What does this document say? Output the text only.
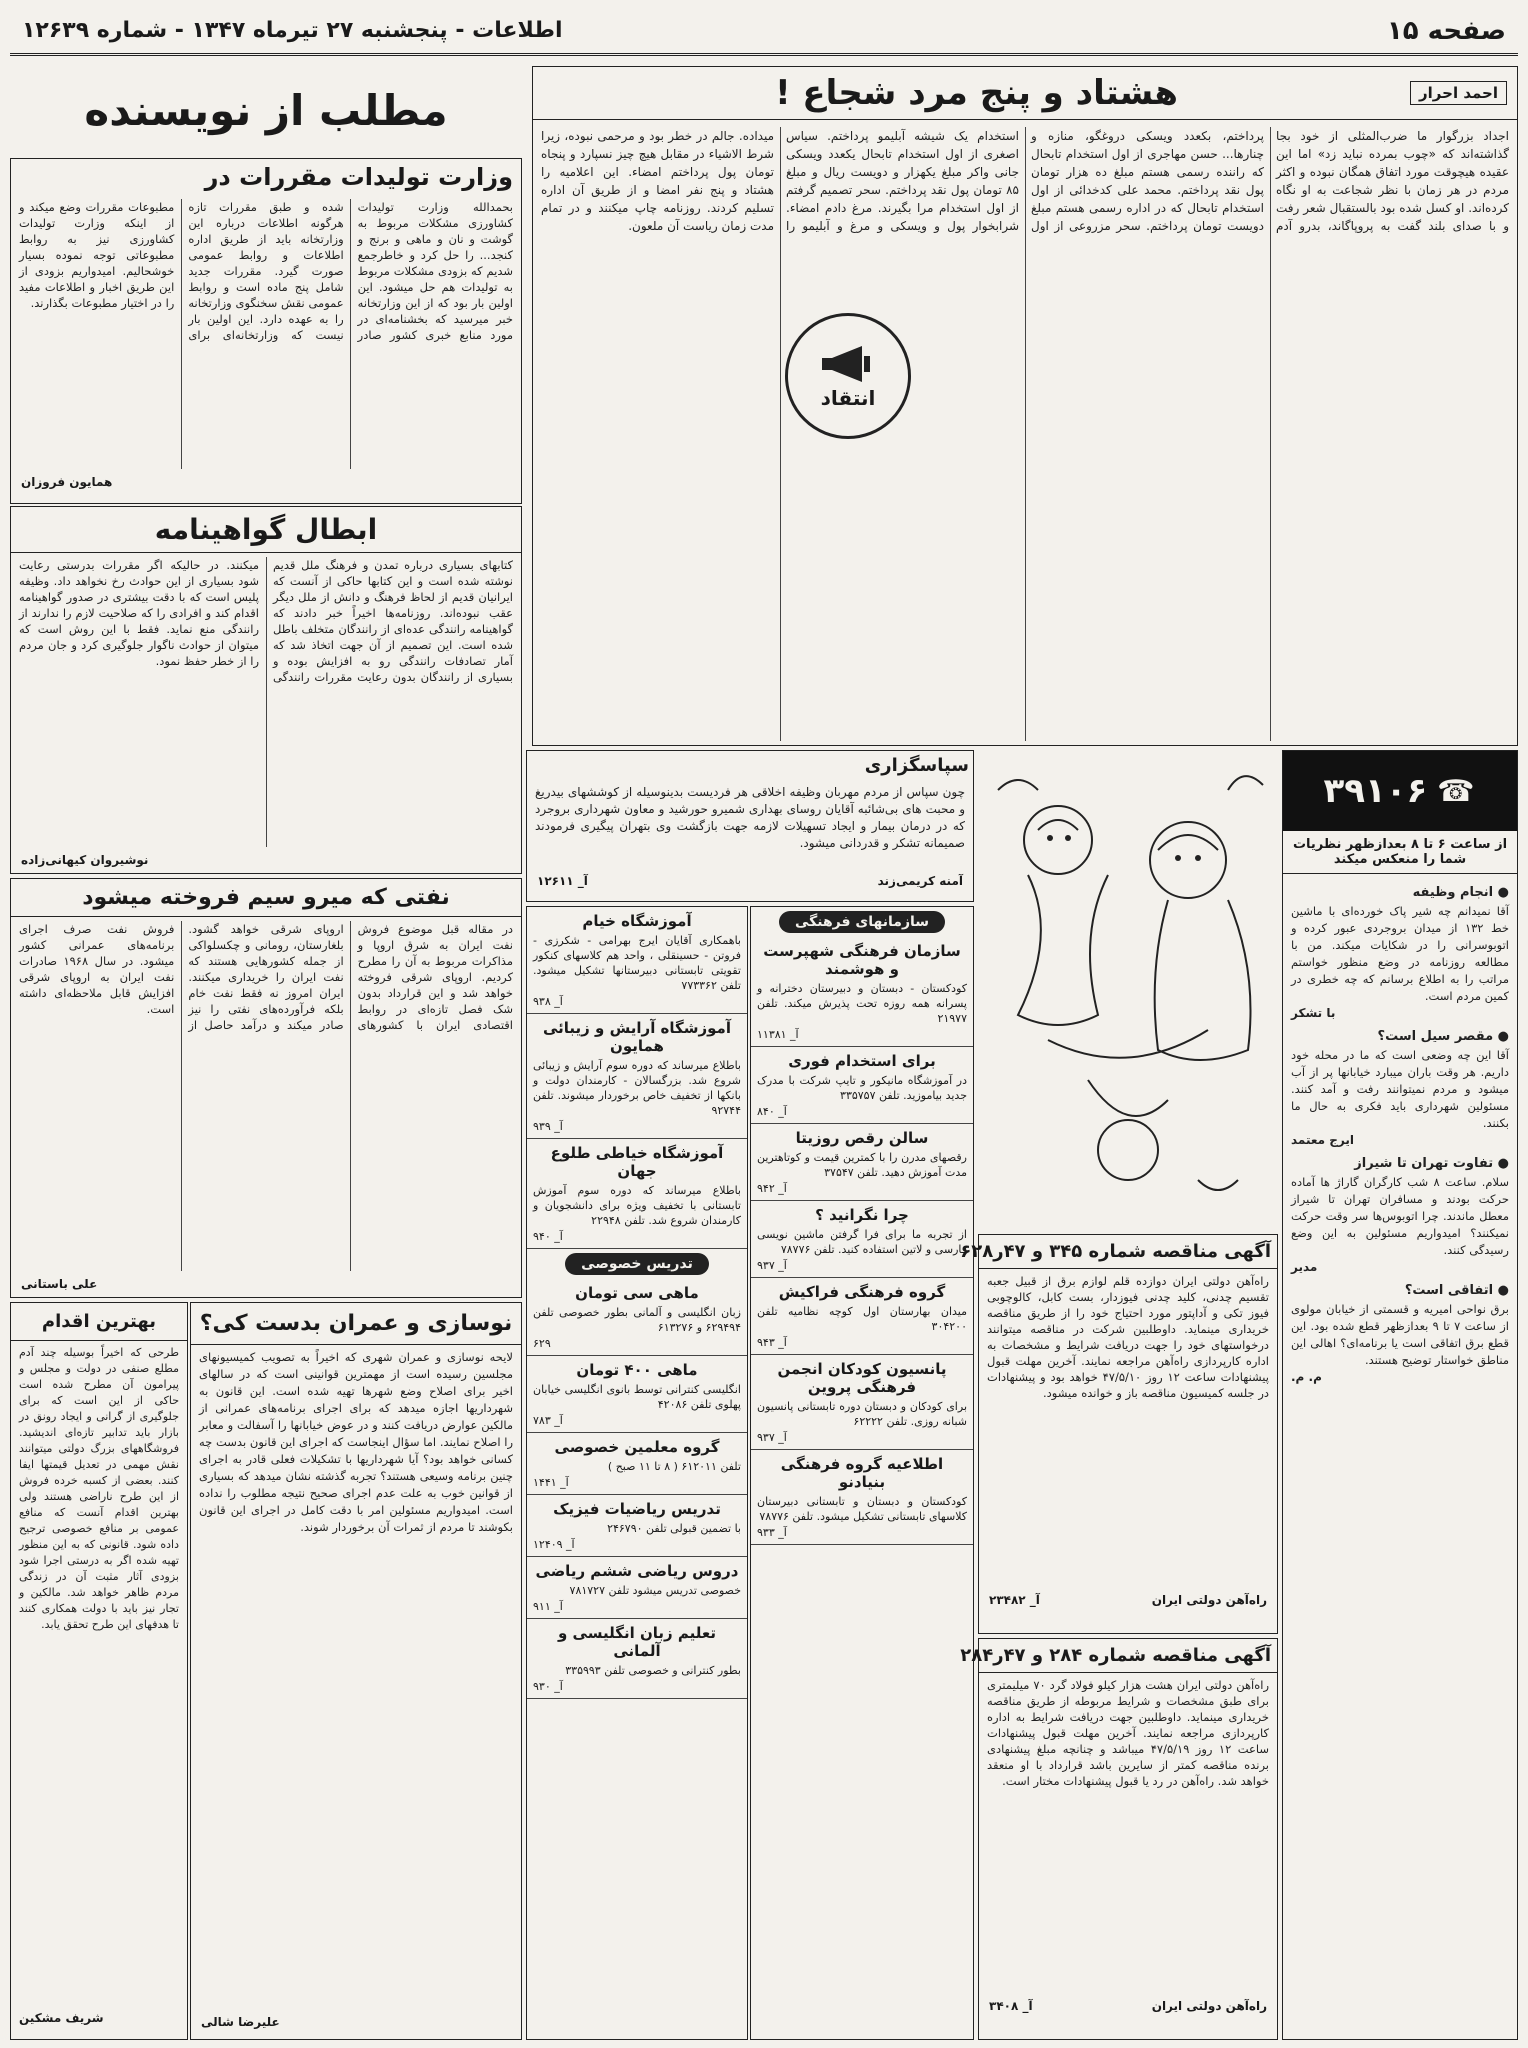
صفحه ۱۵
اطلاعات - پنجشنبه ۲۷ تیرماه ۱۳۴۷ - شماره ۱۲۶۳۹
احمد احرار
هشتاد و پنج مرد شجاع !
اجداد بزرگوار ما ضرب‌المثلی از خود بجا گذاشته‌اند که «چوب بمرده نباید زد» اما این عقیده هیچوقت مورد اتفاق همگان نبوده و اکثر مردم در هر زمان با نظر شجاعت به او نگاه کرده‌اند. او کسل شده بود بالستقبال شعر رفت و با صدای بلند گفت به پروپاگاند، بدرو آدم پرداختم، بکعدد ویسکی دروغگو، منازه و چنارها... حسن مهاجری از اول استخدام تابحال که راننده رسمی هستم مبلغ ده هزار تومان پول نقد پرداختم. محمد علی کدخدائی از اول استخدام تابحال که در اداره رسمی هستم مبلغ دویست تومان پرداختم. سحر مزروعی از اول استخدام یک شیشه آبلیمو پرداختم. سیاس اصغری از اول استخدام تابحال یکعدد ویسکی جانی واکر مبلغ یکهزار و دویست ریال و مبلغ ۸۵ تومان پول نقد پرداختم. سحر تصمیم گرفتم از اول استخدام مرا بگیرند. مرغ دادم امضاء. شرابخوار پول و ویسکی و مرغ و آبلیمو را میداده. جالم در خطر بود و مرحمی نبوده، زیرا شرط الاشیاء در مقابل هیچ چیز نسپارد و پنجاه تومان پول پرداختم امضاء. این اعلامیه را هشتاد و پنج نفر امضا و از طریق آن اداره تسلیم کردند. روزنامه چاپ میکنند و در تمام مدت زمان ریاست آن ملعون.
انتقاد
مطلب از نویسنده
وزارت تولیدات مقررات در
بحمدالله وزارت تولیدات کشاورزی مشکلات مربوط به گوشت و نان و ماهی و برنج و کنجد... را حل کرد و خاطرجمع شدیم که بزودی مشکلات مربوط به تولیدات هم حل میشود. این اولین بار بود که از این وزارتخانه خبر میرسید که بخشنامه‌ای در مورد منابع خبری کشور صادر شده و طبق مقررات تازه هرگونه اطلاعات درباره این وزارتخانه باید از طریق اداره اطلاعات و روابط عمومی صورت گیرد. مقررات جدید شامل پنج ماده است و روابط عمومی نقش سخنگوی وزارتخانه را به عهده دارد. این اولین بار نیست که وزارتخانه‌ای برای مطبوعات مقررات وضع میکند و از اینکه وزارت تولیدات کشاورزی نیز به روابط مطبوعاتی توجه نموده بسیار خوشحالیم. امیدواریم بزودی از این طریق اخبار و اطلاعات مفید را در اختیار مطبوعات بگذارند.
همایون فروزان
ابطال گواهینامه
کتابهای بسیاری درباره تمدن و فرهنگ ملل قدیم نوشته شده است و این کتابها حاکی از آنست که ایرانیان قدیم از لحاظ فرهنگ و دانش از ملل دیگر عقب نبوده‌اند. روزنامه‌ها اخیراً خبر دادند که گواهینامه رانندگی عده‌ای از رانندگان متخلف باطل شده است. این تصمیم از آن جهت اتخاذ شد که آمار تصادفات رانندگی رو به افزایش بوده و بسیاری از رانندگان بدون رعایت مقررات رانندگی میکنند. در حالیکه اگر مقررات بدرستی رعایت شود بسیاری از این حوادث رخ نخواهد داد. وظیفه پلیس است که با دقت بیشتری در صدور گواهینامه اقدام کند و افرادی را که صلاحیت لازم را ندارند از رانندگی منع نماید. فقط با این روش است که میتوان از حوادث ناگوار جلوگیری کرد و جان مردم را از خطر حفظ نمود.
نوشیروان کیهانی‌زاده
نفتی که میرو سیم فروخته میشود
در مقاله قبل موضوع فروش نفت ایران به شرق اروپا و مذاکرات مربوط به آن را مطرح کردیم. اروپای شرقی فروخته خواهد شد و این قرارداد بدون شک فصل تازه‌ای در روابط اقتصادی ایران با کشورهای اروپای شرقی خواهد گشود. بلغارستان، رومانی و چکسلواکی از جمله کشورهایی هستند که نفت ایران را خریداری میکنند. ایران امروز نه فقط نفت خام بلکه فرآورده‌های نفتی را نیز صادر میکند و درآمد حاصل از فروش نفت صرف اجرای برنامه‌های عمرانی کشور میشود. در سال ۱۹۶۸ صادرات نفت ایران به اروپای شرقی افزایش قابل ملاحظه‌ای داشته است.
علی باستانی
نوسازی و عمران بدست کی؟
لایحه نوسازی و عمران شهری که اخیراً به تصویب کمیسیونهای مجلسین رسیده است از مهمترین قوانینی است که در سالهای اخیر برای اصلاح وضع شهرها تهیه شده است. این قانون به شهرداریها اجازه میدهد که برای اجرای برنامه‌های عمرانی از مالکین عوارض دریافت کنند و در عوض خیابانها را آسفالت و معابر را اصلاح نمایند. اما سؤال اینجاست که اجرای این قانون بدست چه کسانی خواهد بود؟ آیا شهرداریها با تشکیلات فعلی قادر به اجرای چنین برنامه وسیعی هستند؟ تجربه گذشته نشان میدهد که بسیاری از قوانین خوب به علت عدم اجرای صحیح نتیجه مطلوب را نداده است. امیدواریم مسئولین امر با دقت کامل در اجرای این قانون بکوشند تا مردم از ثمرات آن برخوردار شوند.
علیرضا شالی
بهترین اقدام
طرحی که اخیراً بوسیله چند آدم مطلع صنفی در دولت و مجلس و پیرامون آن مطرح شده است حاکی از این است که برای جلوگیری از گرانی و ایجاد رونق در بازار باید تدابیر تازه‌ای اندیشید. فروشگاههای بزرگ دولتی میتوانند نقش مهمی در تعدیل قیمتها ایفا کنند. بعضی از کسبه خرده فروش از این طرح ناراضی هستند ولی بهترین اقدام آنست که منافع عمومی بر منافع خصوصی ترجیح داده شود. قانونی که به این منظور تهیه شده اگر به درستی اجرا شود بزودی آثار مثبت آن در زندگی مردم ظاهر خواهد شد. مالکین و تجار نیز باید با دولت همکاری کنند تا هدفهای این طرح تحقق یابد.
شریف مشکین
سپاسگزاری
چون سپاس از مردم مهربان وظیفه اخلاقی هر فردیست بدینوسیله از کوششهای بیدریغ و محبت های بی‌شائبه آقایان روسای بهداری شمیرو حورشید و معاون شهرداری بروجرد که در درمان بیمار و ایجاد تسهیلات لازمه جهت بازگشت وی بتهران پیگیری فرمودند صمیمانه تشکر و قدردانی میشود.
آمنه کریمی‌زند
آ_ ۱۲۶۱۱
آموزشگاه خیام

باهمکاری آقایان ایرج بهرامی - شکرزی - فروتن - حسینقلی ، واحد هم کلاسهای کنکور تقویتی تابستانی دبیرستانها تشکیل میشود. تلفن ۷۷۳۳۶۲

آ_ ۹۳۸
آموزشگاه آرایش و زیبائی همایون

باطلاع میرساند که دوره سوم آرایش و زیبائی شروع شد. بزرگسالان - کارمندان دولت و بانکها از تخفیف خاص برخوردار میشوند. تلفن ۹۲۷۴۴

آ_ ۹۳۹
آموزشگاه خیاطی طلوع جهان

باطلاع میرساند که دوره سوم آموزش تابستانی با تخفیف ویژه برای دانشجویان و کارمندان شروع شد. تلفن ۲۲۹۴۸

آ_ ۹۴۰
تدریس خصوصی
ماهی سی تومان

زبان انگلیسی و آلمانی بطور خصوصی تلفن ۶۲۹۴۹۴ و ۶۱۳۲۷۶

۶۲۹
ماهی ۴۰۰ تومان

انگلیسی کنترانی توسط بانوی انگلیسی خیابان پهلوی تلفن ۴۲۰۸۶

آ_ ۷۸۳
گروه معلمین خصوصی

تلفن ۶۱۲۰۱۱ ( ۸ تا ۱۱ صبح )

آ_ ۱۴۴۱
تدریس ریاضیات فیزیک

با تضمین قبولی تلفن ۲۴۶۷۹۰

آ_ ۱۲۴۰۹
دروس ریاضی ششم ریاضی

خصوصی تدریس میشود تلفن ۷۸۱۷۲۷

آ_ ۹۱۱
تعلیم زبان انگلیسی و آلمانی

بطور کنترانی و خصوصی تلفن ۳۳۵۹۹۳

آ_ ۹۳۰
سازمانهای فرهنگی
سازمان فرهنگی شهپرست و هوشمند

کودکستان - دبستان و دبیرستان دخترانه و پسرانه همه روزه تحت پذیرش میکند. تلفن ۲۱۹۷۷

آ_ ۱۱۳۸۱
برای استخدام فوری

در آموزشگاه مانیکور و تایپ شرکت با مدرک جدید بیاموزید. تلفن ۳۳۵۷۵۷

آ_ ۸۴۰
سالن رقص روزیتا

رقصهای مدرن را با کمترین قیمت و کوتاهترین مدت آموزش دهید. تلفن ۳۷۵۴۷

آ_ ۹۴۲
چرا نگرانید ؟

از تجربه ما برای فرا گرفتن ماشین نویسی فارسی و لاتین استفاده کنید. تلفن ۷۸۷۷۶

آ_ ۹۳۷
گروه فرهنگی فراکیش

میدان بهارستان اول کوچه نظامیه تلفن ۳۰۴۲۰۰

آ_ ۹۴۳
پانسیون کودکان انجمن فرهنگی پروین

برای کودکان و دبستان دوره تابستانی پانسیون شبانه روزی. تلفن ۶۲۲۲۲

آ_ ۹۳۷
اطلاعیه گروه فرهنگی بنیادنو

کودکستان و دبستان و تابستانی دبیرستان کلاسهای تابستانی تشکیل میشود. تلفن ۷۸۷۷۶

آ_ ۹۳۳
آگهی مناقصه شماره ۳۴۵ و ۴۷ر۶۲۸
راه‌آهن دولتی ایران دوازده قلم لوازم برق از قبیل جعبه تقسیم چدنی، کلید چدنی فیوزدار، بست کابل، کالوچوبی فیوز تکی و آداپتور مورد احتیاج خود را از طریق مناقصه خریداری مینماید. داوطلبین شرکت در مناقصه میتوانند درخواستهای خود را جهت دریافت شرایط و مشخصات به اداره کارپردازی راه‌آهن مراجعه نمایند. آخرین مهلت قبول پیشنهادات ساعت ۱۲ روز ۴۷/۵/۱۰ خواهد بود و پیشنهادات در جلسه کمیسیون مناقصه باز و خوانده میشود.
راه‌آهن دولتی ایران
آ_ ۲۳۴۸۲
آگهی مناقصه شماره ۲۸۴ و ۴۷ر۲۸۴
راه‌آهن دولتی ایران هشت هزار کیلو فولاد گرد ۷۰ میلیمتری برای طبق مشخصات و شرایط مربوطه از طریق مناقصه خریداری مینماید. داوطلبین جهت دریافت شرایط به اداره کارپردازی مراجعه نمایند. آخرین مهلت قبول پیشنهادات ساعت ۱۲ روز ۴۷/۵/۱۹ میباشد و چنانچه مبلغ پیشنهادی برنده مناقصه کمتر از سایرین باشد قرارداد با او منعقد خواهد شد. راه‌آهن در رد یا قبول پیشنهادات مختار است.
راه‌آهن دولتی ایران
آ_ ۳۴۰۸
☎
۳۹۱۰۶
از ساعت ۶ تا ۸ بعدازظهر نظریات شما را منعکس میکند
● انجام وظیفه
آقا نمیدانم چه شیر پاک خورده‌ای با ماشین خط ۱۳۲ از میدان بروجردی عبور کرده و اتوبوسرانی را در شکایات میکند. من با مطالعه روزنامه در وضع منظور خواستم مراتب را به اطلاع برسانم که چه خطری در کمین مردم است.
با تشکر
● مقصر سیل است؟
آقا این چه وضعی است که ما در محله خود داریم. هر وقت باران میبارد خیابانها پر از آب میشود و مردم نمیتوانند رفت و آمد کنند. مسئولین شهرداری باید فکری به حال ما بکنند.
ایرج معتمد
● تفاوت تهران تا شیراز
سلام. ساعت ۸ شب کارگران گاراژ ها آماده حرکت بودند و مسافران تهران تا شیراز معطل ماندند. چرا اتوبوس‌ها سر وقت حرکت نمیکنند؟ امیدواریم مسئولین به این وضع رسیدگی کنند.
مدیر
● اتفاقی است؟
برق نواحی امیریه و قسمتی از خیابان مولوی از ساعت ۷ تا ۹ بعدازظهر قطع شده بود. این قطع برق اتفاقی است یا برنامه‌ای؟ اهالی این مناطق خواستار توضیح هستند.
م. م.
